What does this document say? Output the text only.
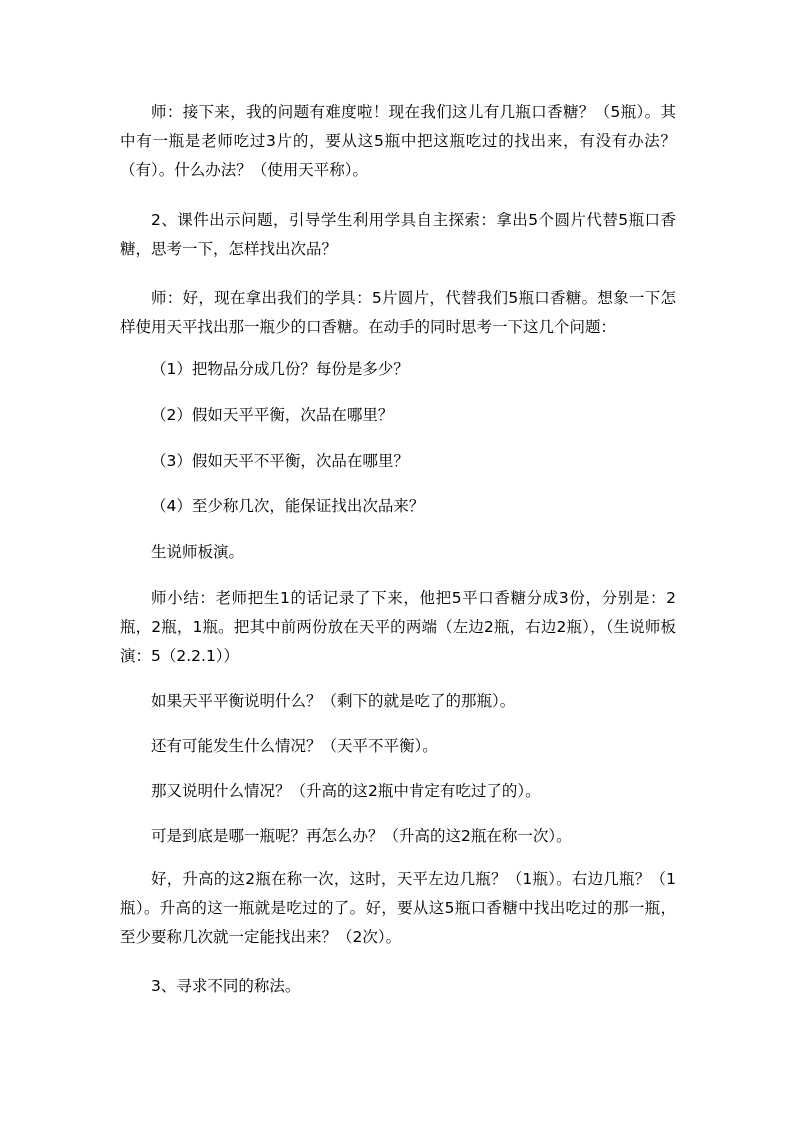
师：接下来，我的问题有难度啦！现在我们这儿有几瓶口香糖？（5瓶）。其中有一瓶是老师吃过3片的，要从这5瓶中把这瓶吃过的找出来，有没有办法？（有）。什么办法？（使用天平称）。

2、课件出示问题，引导学生利用学具自主探索：拿出5个圆片代替5瓶口香糖，思考一下，怎样找出次品？

师：好，现在拿出我们的学具：5片圆片，代替我们5瓶口香糖。想象一下怎样使用天平找出那一瓶少的口香糖。在动手的同时思考一下这几个问题：

（1）把物品分成几份？每份是多少？

（2）假如天平平衡，次品在哪里？

（3）假如天平不平衡，次品在哪里？

（4）至少称几次，能保证找出次品来？

生说师板演。

师小结：老师把生1的话记录了下来，他把5平口香糖分成3份，分别是：2瓶，2瓶，1瓶。把其中前两份放在天平的两端（左边2瓶，右边2瓶），（生说师板演：5（2.2.1））

如果天平平衡说明什么？（剩下的就是吃了的那瓶）。

还有可能发生什么情况？（天平不平衡）。

那又说明什么情况？（升高的这2瓶中肯定有吃过了的）。

可是到底是哪一瓶呢？再怎么办？（升高的这2瓶在称一次）。

好，升高的这2瓶在称一次，这时，天平左边几瓶？（1瓶）。右边几瓶？（1瓶）。升高的这一瓶就是吃过的了。好，要从这5瓶口香糖中找出吃过的那一瓶，至少要称几次就一定能找出来？（2次）。

3、寻求不同的称法。
